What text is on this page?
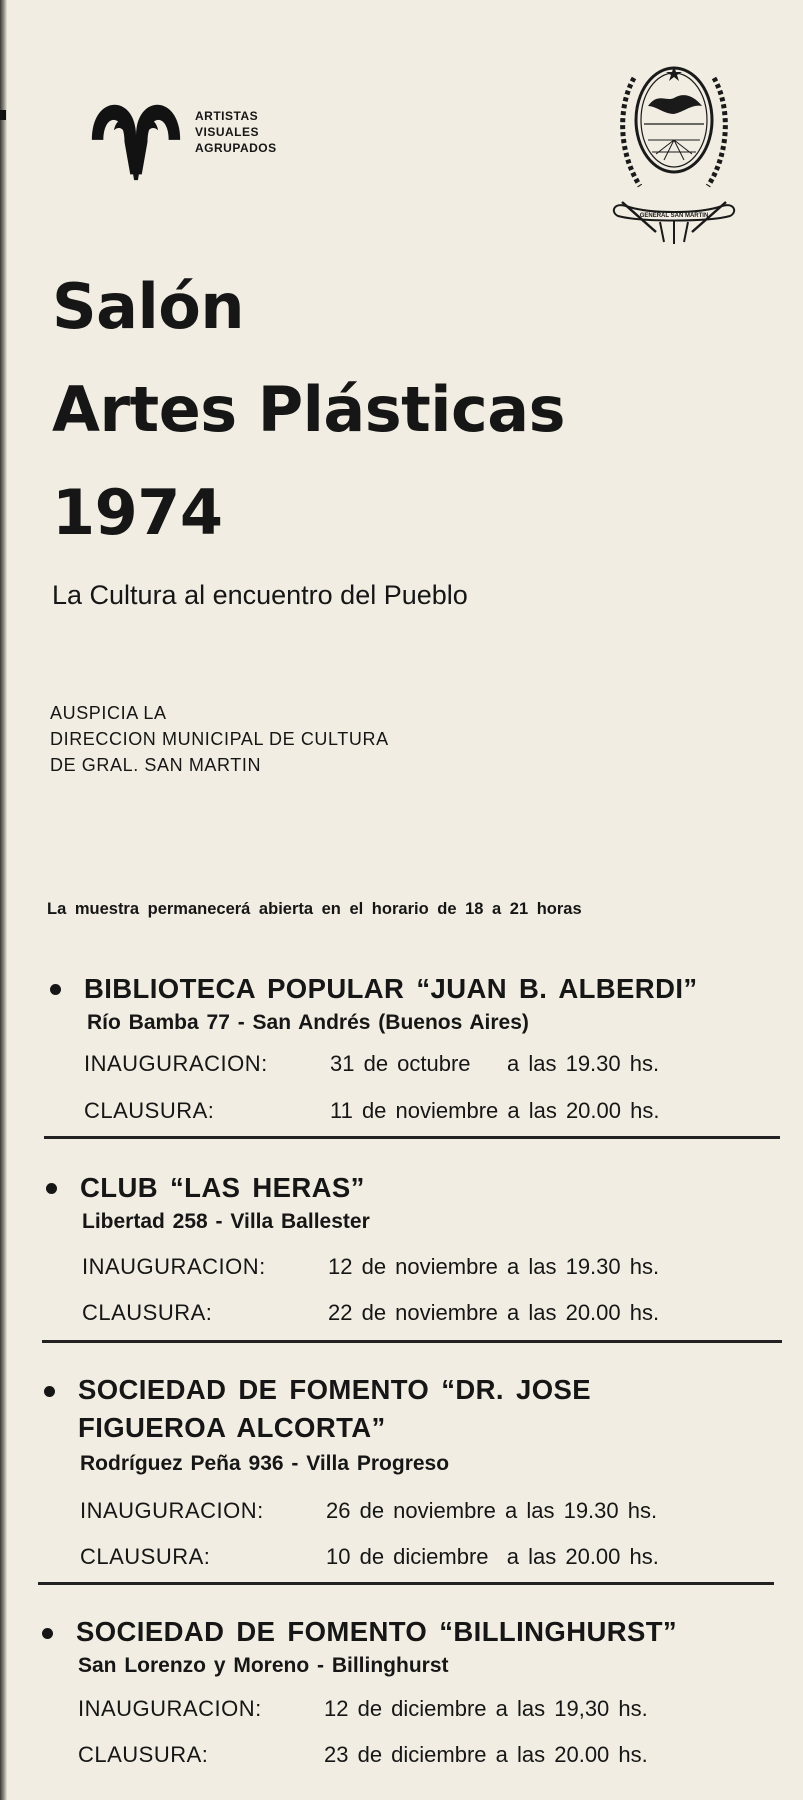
ARTISTAS
VISUALES
AGRUPADOS
GENERAL SAN MARTIN
Salón
Artes Plásticas
1974
La Cultura al encuentro del Pueblo
AUSPICIA LA
DIRECCION MUNICIPAL DE CULTURA
DE GRAL. SAN MARTIN
La muestra permanecerá abierta en el horario de 18 a 21 horas
BIBLIOTECA POPULAR “JUAN B. ALBERDI”
Río Bamba 77 - San Andrés (Buenos Aires)
INAUGURACION:	31 de octubre    a las 19.30 hs.
CLAUSURA:	11 de noviembre a las 20.00 hs.
CLUB “LAS HERAS”
Libertad 258 - Villa Ballester
INAUGURACION:	12 de noviembre a las 19.30 hs.
CLAUSURA:	22 de noviembre a las 20.00 hs.
SOCIEDAD DE FOMENTO “DR. JOSE
FIGUEROA ALCORTA”
Rodríguez Peña 936 - Villa Progreso
INAUGURACION:	26 de noviembre a las 19.30 hs.
CLAUSURA:	10 de diciembre  a las 20.00 hs.
SOCIEDAD DE FOMENTO “BILLINGHURST”
San Lorenzo y Moreno - Billinghurst
INAUGURACION:	12 de diciembre a las 19,30 hs.
CLAUSURA:	23 de diciembre a las 20.00 hs.
